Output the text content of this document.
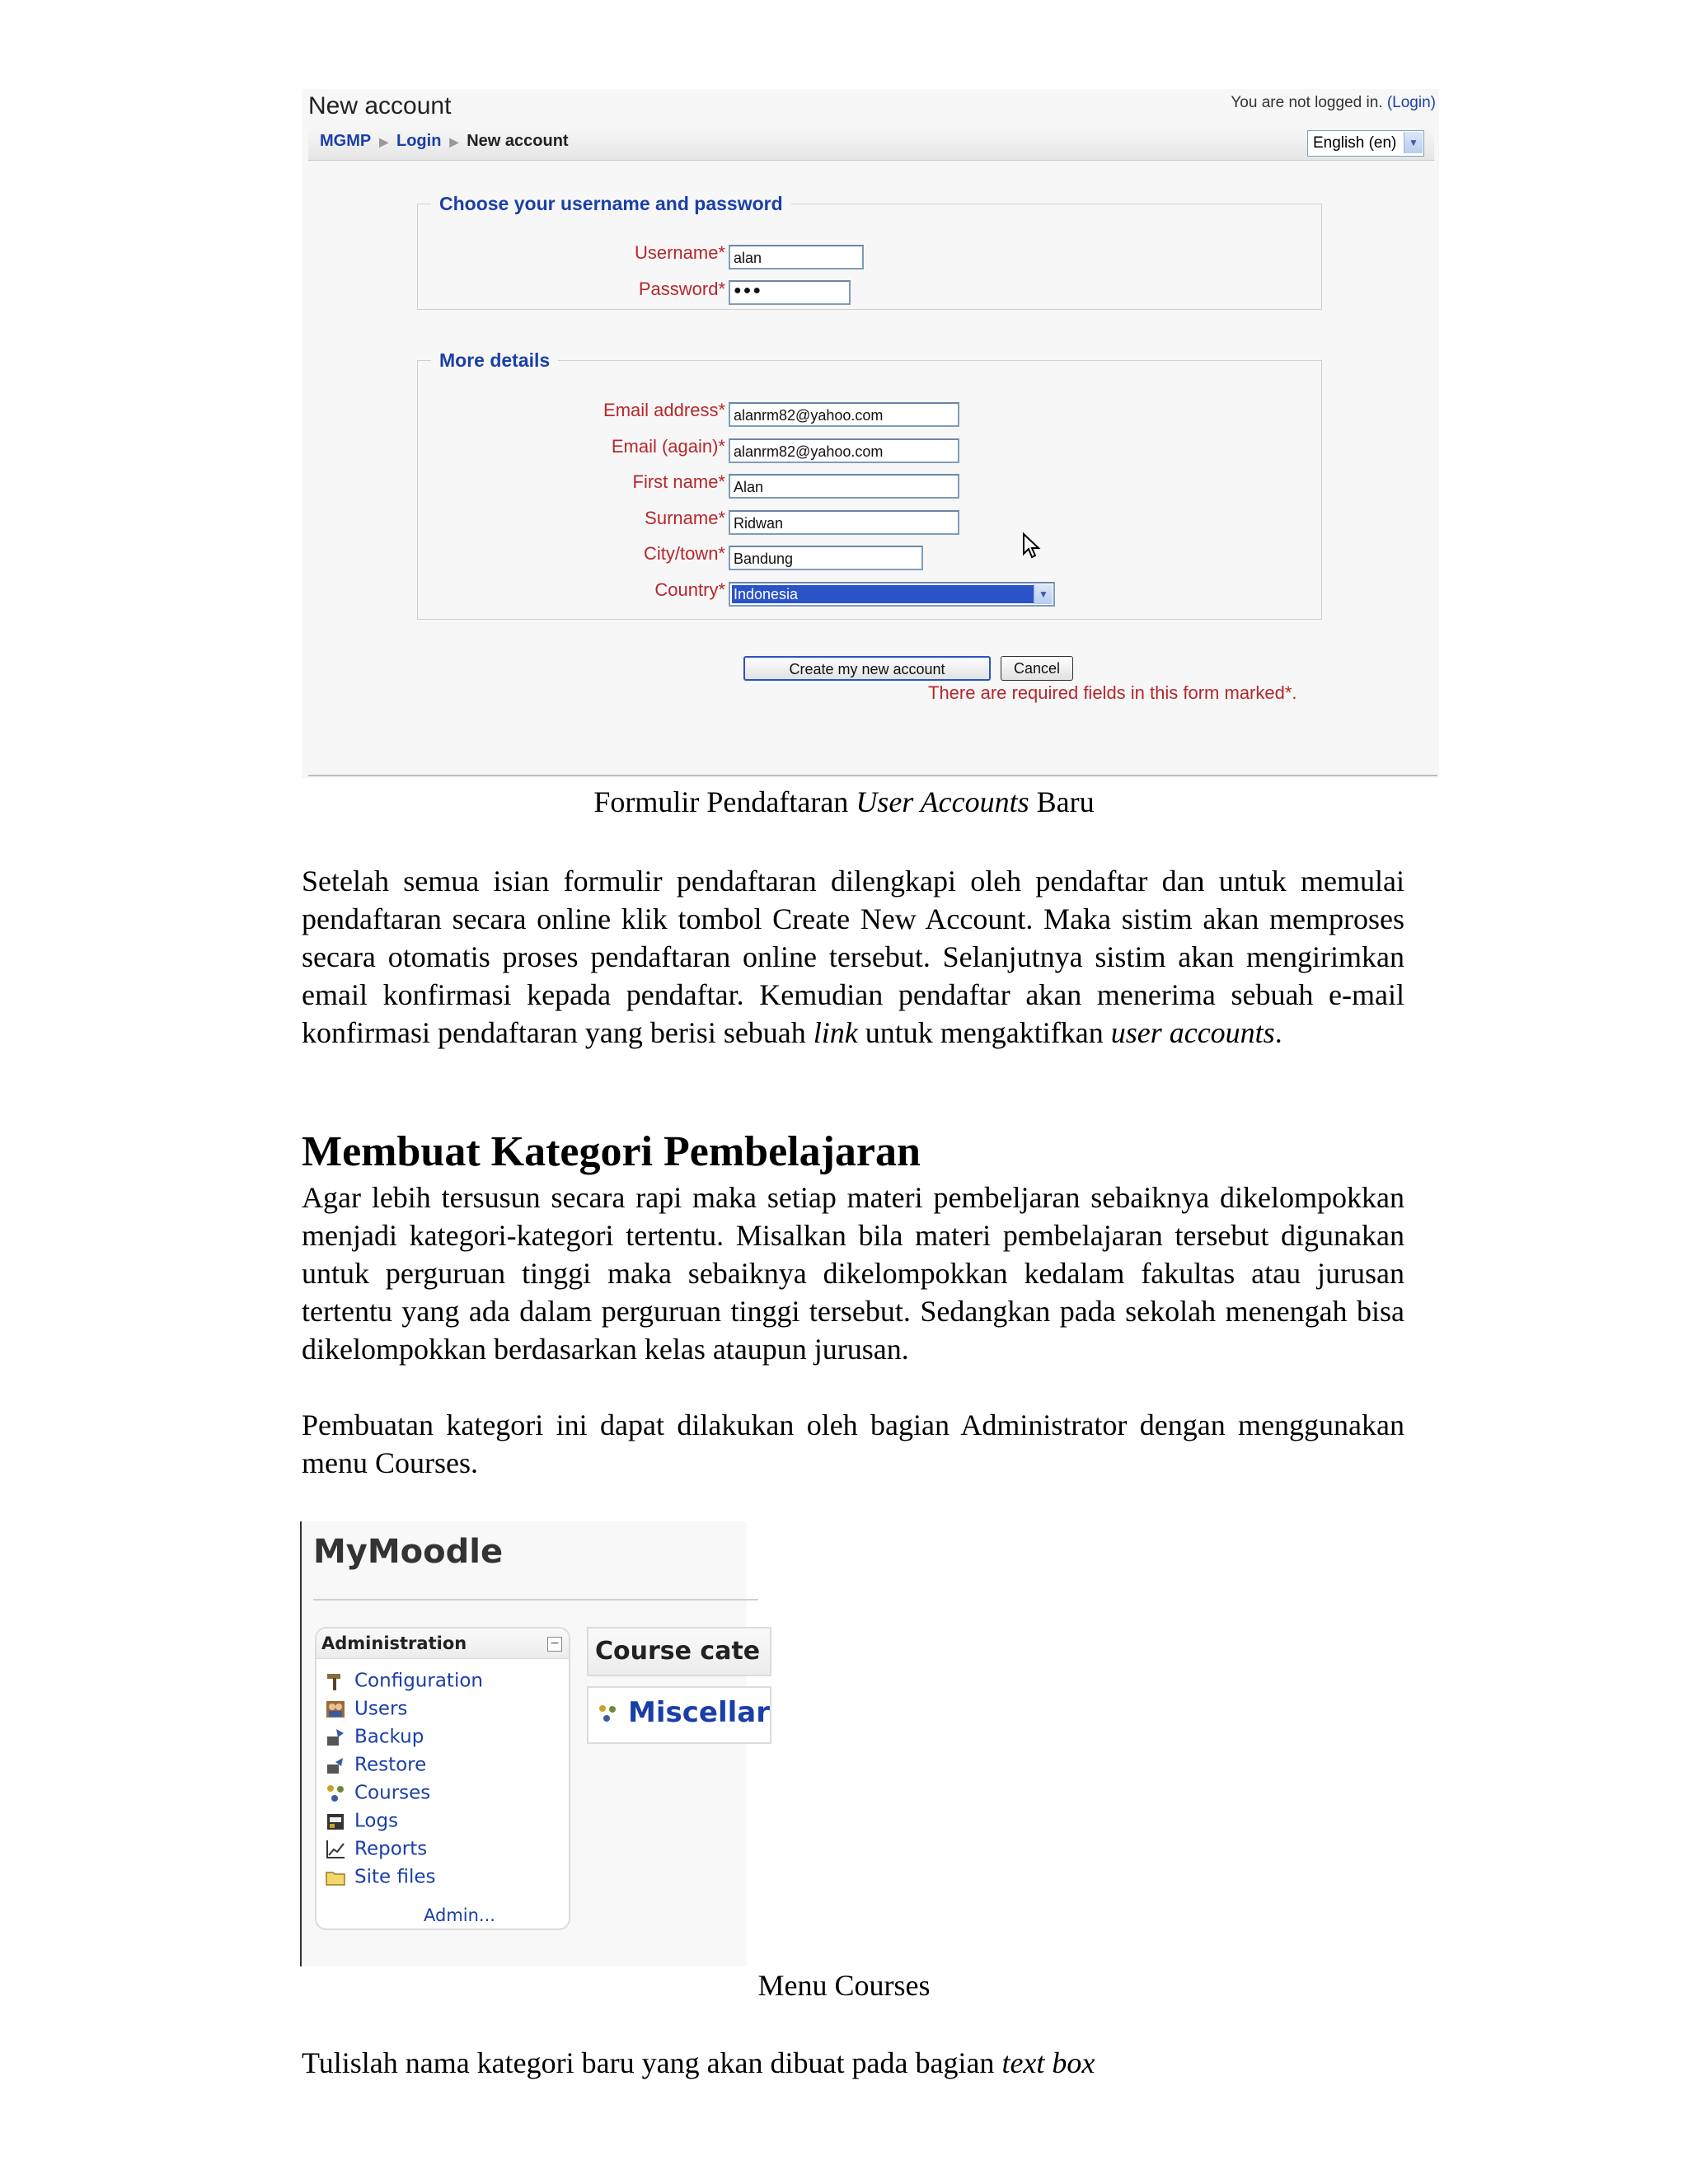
New account	You are not logged in. (Login)
MGMP ▶ Login ▶ New account	English (en)	▼
Choose your username and password
Username* alan
Password* ●●●
More details
Email address* alanrm82@yahoo.com
Email (again)* alanrm82@yahoo.com
First name* Alan
Surname* Ridwan
City/town* Bandung
Country* Indonesia	▼
Create my new account	Cancel
There are required fields in this form marked*.
Formulir Pendaftaran User Accounts Baru
Setelah semua isian formulir pendaftaran dilengkapi oleh pendaftar dan untuk memulai pendaftaran secara online klik tombol Create New Account. Maka sistim akan memproses secara otomatis proses pendaftaran online tersebut. Selanjutnya sistim akan mengirimkan email konfirmasi kepada pendaftar. Kemudian pendaftar akan menerima sebuah e-mail konfirmasi pendaftaran yang berisi sebuah link untuk mengaktifkan user accounts.
Membuat Kategori Pembelajaran
Agar lebih tersusun secara rapi maka setiap materi pembeljaran sebaiknya dikelompokkan menjadi kategori-kategori tertentu. Misalkan bila materi pembelajaran tersebut digunakan untuk perguruan tinggi maka sebaiknya dikelompokkan kedalam fakultas atau jurusan tertentu yang ada dalam perguruan tinggi tersebut. Sedangkan pada sekolah menengah bisa dikelompokkan berdasarkan kelas ataupun jurusan.
Pembuatan kategori ini dapat dilakukan oleh bagian Administrator dengan menggunakan menu Courses.
MyMoodle
Administration	−
Configuration
Users
Backup
Restore
Courses
Logs
Reports
Site files
Admin...
Course cate
Miscellar
Menu Courses
Tulislah nama kategori baru yang akan dibuat pada bagian text box
